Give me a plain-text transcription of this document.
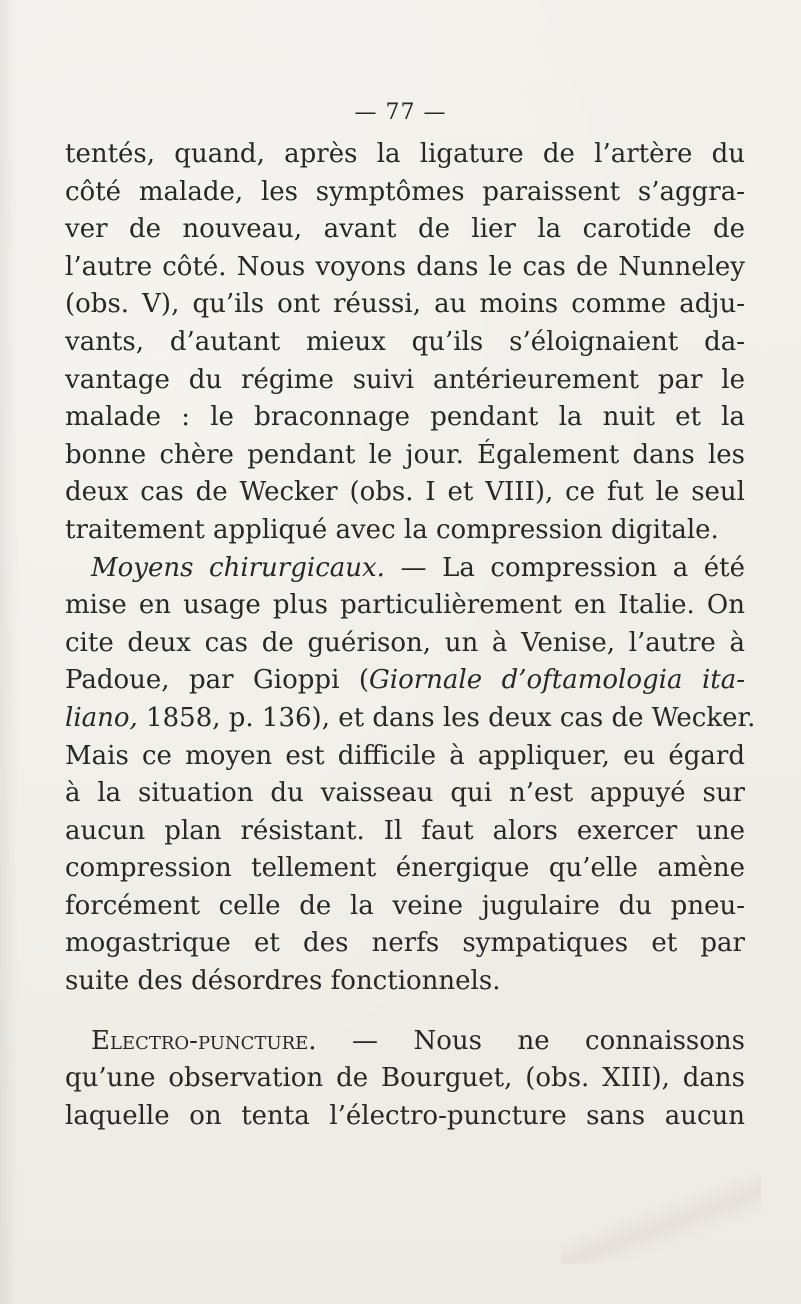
— 77 —
tentés, quand, après la ligature de l’artère du
côté malade, les symptômes paraissent s’aggra-
ver de nouveau, avant de lier la carotide de
l’autre côté. Nous voyons dans le cas de Nunneley
(obs. V), qu’ils ont réussi, au moins comme adju-
vants, d’autant mieux qu’ils s’éloignaient da-
vantage du régime suivi antérieurement par le
malade : le braconnage pendant la nuit et la
bonne chère pendant le jour. Également dans les
deux cas de Wecker (obs. I et VIII), ce fut le seul
traitement appliqué avec la compression digitale.
 Moyens chirurgicaux. — La compression a été
mise en usage plus particulièrement en Italie. On
cite deux cas de guérison, un à Venise, l’autre à
Padoue, par Gioppi (Giornale d’oftamologia ita-
liano, 1858, p. 136), et dans les deux cas de Wecker.
Mais ce moyen est difficile à appliquer, eu égard
à la situation du vaisseau qui n’est appuyé sur
aucun plan résistant. Il faut alors exercer une
compression tellement énergique qu’elle amène
forcément celle de la veine jugulaire du pneu-
mogastrique et des nerfs sympatiques et par
suite des désordres fonctionnels.
 Electro-puncture. — Nous ne connaissons
qu’une observation de Bourguet, (obs. XIII), dans
laquelle on tenta l’électro-puncture sans aucun
